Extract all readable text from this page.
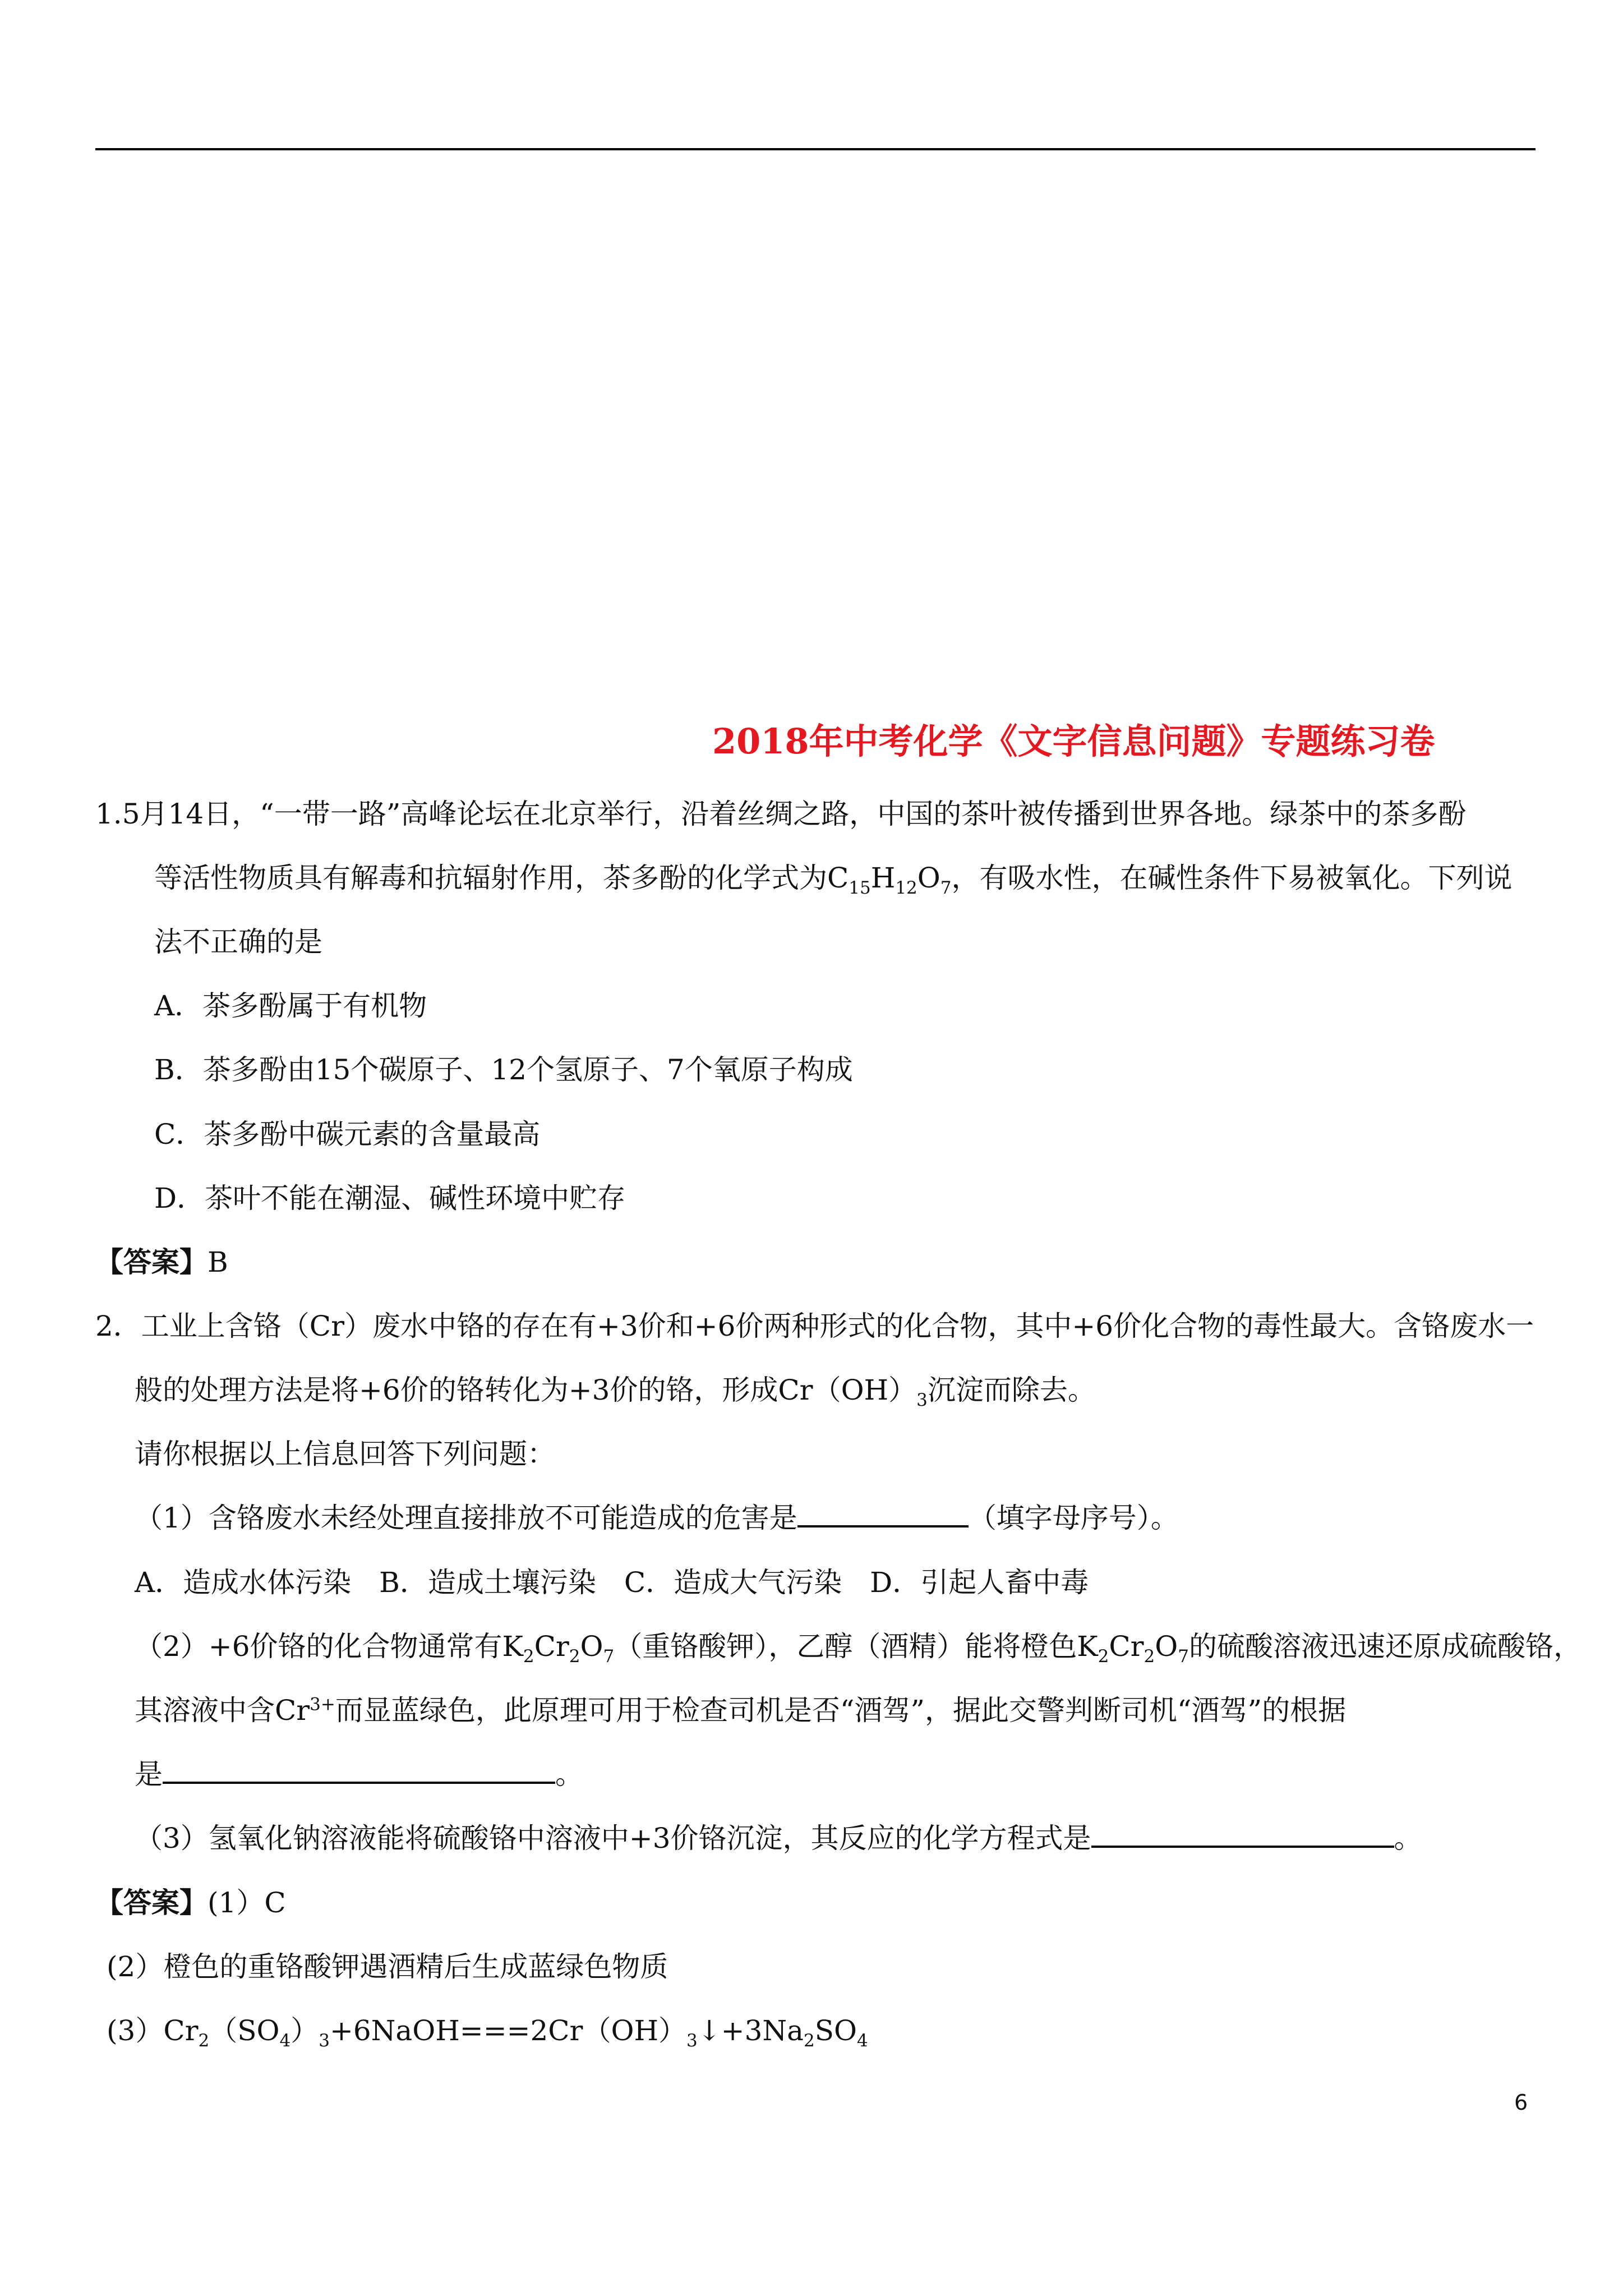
2018年中考化学《文字信息问题》专题练习卷
1.5月14日，“一带一路”高峰论坛在北京举行，沿着丝绸之路，中国的茶叶被传播到世界各地。绿茶中的茶多酚
等活性物质具有解毒和抗辐射作用，茶多酚的化学式为$C_{15}H_{12}O_7$，有吸水性，在碱性条件下易被氧化。下列说
法不正确的是
A．茶多酚属于有机物
B．茶多酚由15个碳原子、12个氢原子、7个氧原子构成
C．茶多酚中碳元素的含量最高
D．茶叶不能在潮湿、碱性环境中贮存
【答案】B
2．工业上含铬（Cr）废水中铬的存在有+3价和+6价两种形式的化合物，其中+6价化合物的毒性最大。含铬废水一
般的处理方法是将+6价的铬转化为+3价的铬，形成$Cr(OH)_3$沉淀而除去。
请你根据以上信息回答下列问题：
（1）含铬废水未经处理直接排放不可能造成的危害是	（填字母序号）。
A．造成水体污染　B．造成土壤污染　C．造成大气污染　D．引起人畜中毒
（2）+6价铬的化合物通常有$K_2Cr_2O_7$（重铬酸钾），乙醇（酒精）能将橙色$K_2Cr_2O_7$的硫酸溶液迅速还原成硫酸铬，
其溶液中含$Cr^{3+}$而显蓝绿色，此原理可用于检查司机是否“酒驾”，据此交警判断司机“酒驾”的根据
是	。
（3）氢氧化钠溶液能将硫酸铬中溶液中+3价铬沉淀，其反应的化学方程式是	。
【答案】(1）C
(2）橙色的重铬酸钾遇酒精后生成蓝绿色物质
$(3)Cr_2(SO_4)_3+6NaOH===2Cr(OH)_3↓+3Na_2SO_4$
6
